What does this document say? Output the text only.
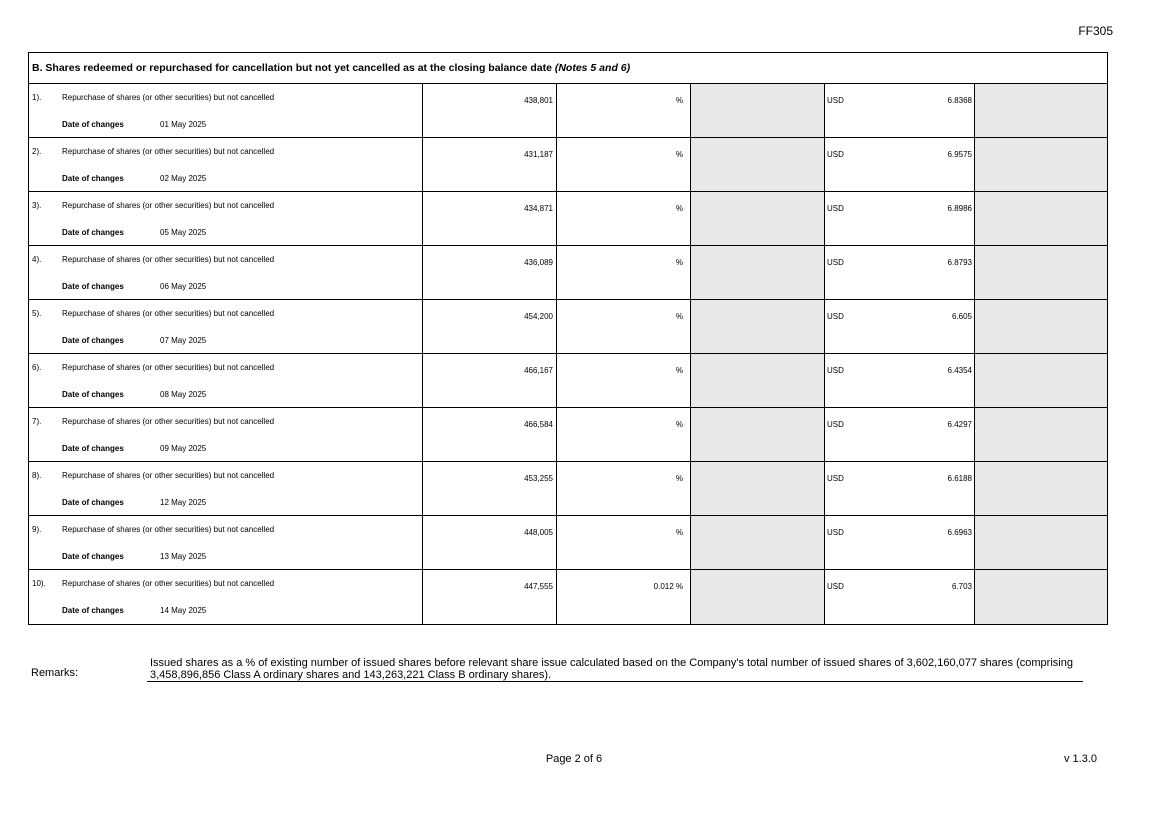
FF305
B. Shares redeemed or repurchased for cancellation but not yet cancelled as at the closing balance date (Notes 5 and 6)
1).	Repurchase of shares (or other securities) but not cancelled
Date of changes	01 May 2025
438,801	%	USD	6.8368
2).	Repurchase of shares (or other securities) but not cancelled
Date of changes	02 May 2025
431,187	%	USD	6.9575
3).	Repurchase of shares (or other securities) but not cancelled
Date of changes	05 May 2025
434,871	%	USD	6.8986
4).	Repurchase of shares (or other securities) but not cancelled
Date of changes	06 May 2025
436,089	%	USD	6.8793
5).	Repurchase of shares (or other securities) but not cancelled
Date of changes	07 May 2025
454,200	%	USD	6.605
6).	Repurchase of shares (or other securities) but not cancelled
Date of changes	08 May 2025
466,167	%	USD	6.4354
7).	Repurchase of shares (or other securities) but not cancelled
Date of changes	09 May 2025
466,584	%	USD	6.4297
8).	Repurchase of shares (or other securities) but not cancelled
Date of changes	12 May 2025
453,255	%	USD	6.6188
9).	Repurchase of shares (or other securities) but not cancelled
Date of changes	13 May 2025
448,005	%	USD	6.6963
10). Repurchase of shares (or other securities) but not cancelled
Date of changes	14 May 2025
447,555	0.012 %	USD	6.703
Remarks:
Issued shares as a % of existing number of issued shares before relevant share issue calculated based on the Company's total number of issued shares of 3,602,160,077 shares (comprising 3,458,896,856 Class A ordinary shares and 143,263,221 Class B ordinary shares).
Page 2 of 6	v 1.3.0
